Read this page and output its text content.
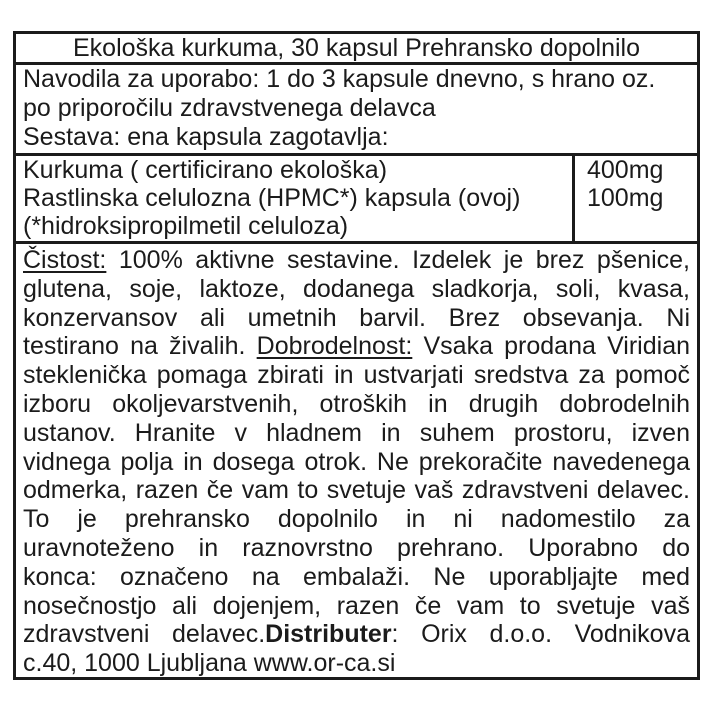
Ekološka kurkuma, 30 kapsul Prehransko dopolnilo
Navodila za uporabo: 1 do 3 kapsule dnevno, s hrano oz.
po priporočilu zdravstvenega delavca
Sestava: ena kapsula zagotavlja:
Kurkuma ( certificirano ekološka)
Rastlinska celulozna (HPMC*) kapsula (ovoj)
(*hidroksipropilmetil celuloza)
400mg
100mg
Čistost: 100% aktivne sestavine. Izdelek je brez pšenice,
glutena, soje, laktoze, dodanega sladkorja, soli, kvasa,
konzervansov ali umetnih barvil. Brez obsevanja. Ni
testirano na živalih. Dobrodelnost: Vsaka prodana Viridian
steklenička pomaga zbirati in ustvarjati sredstva za pomoč
izboru okoljevarstvenih, otroških in drugih dobrodelnih
ustanov. Hranite v hladnem in suhem prostoru, izven
vidnega polja in dosega otrok. Ne prekoračite navedenega
odmerka, razen če vam to svetuje vaš zdravstveni delavec.
To je prehransko dopolnilo in ni nadomestilo za
uravnoteženo in raznovrstno prehrano. Uporabno do
konca: označeno na embalaži. Ne uporabljajte med
nosečnostjo ali dojenjem, razen če vam to svetuje vaš
zdravstveni delavec.Distributer: Orix d.o.o. Vodnikova
c.40, 1000 Ljubljana www.or-ca.si
